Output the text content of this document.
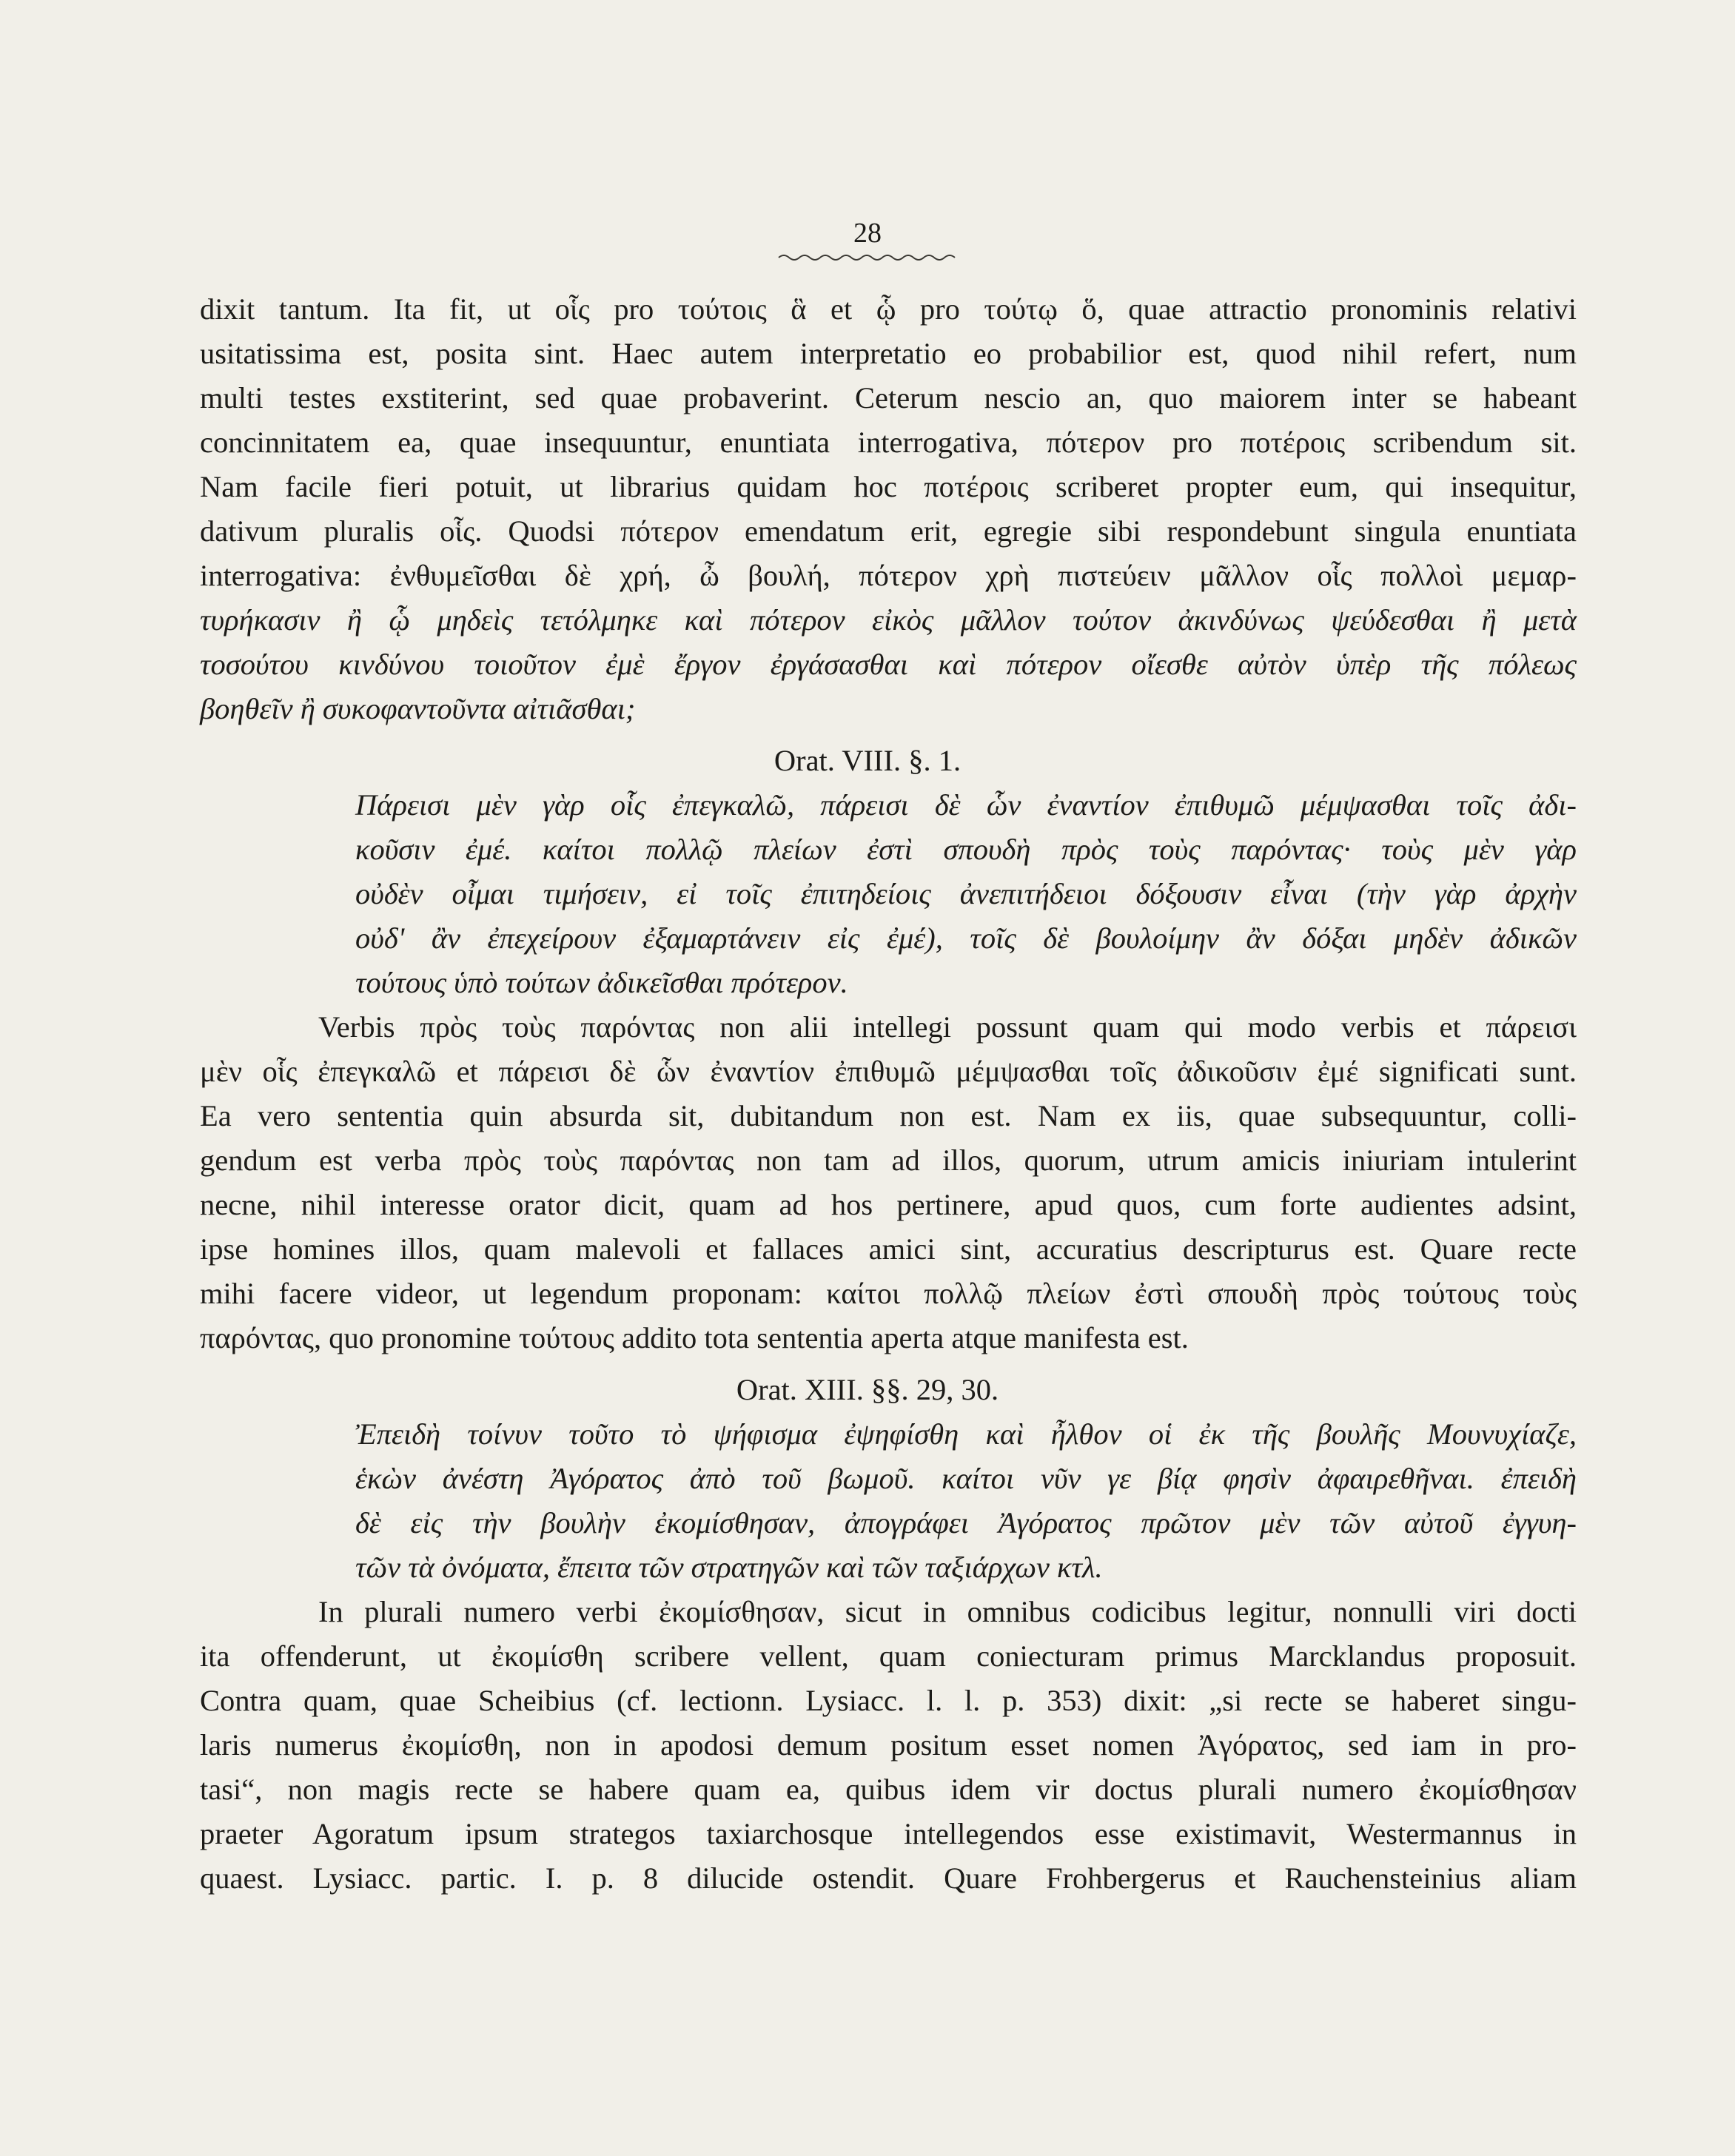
28
dixit tantum. Ita fit, ut οἷς pro τούτοις ἃ et ᾧ pro τούτῳ ὅ, quae attractio pronominis relativi
usitatissima est, posita sint. Haec autem interpretatio eo probabilior est, quod nihil refert, num
multi testes exstiterint, sed quae probaverint. Ceterum nescio an, quo maiorem inter se habeant
concinnitatem ea, quae insequuntur, enuntiata interrogativa, πότερον pro ποτέροις scribendum sit.
Nam facile fieri potuit, ut librarius quidam hoc ποτέροις scriberet propter eum, qui insequitur,
dativum pluralis οἷς. Quodsi πότερον emendatum erit, egregie sibi respondebunt singula enuntiata
interrogativa: ἐνθυμεῖσθαι δὲ χρή, ὦ βουλή, πότερον χρὴ πιστεύειν μᾶλλον οἷς πολλοὶ μεμαρ-
τυρήκασιν ἢ ᾧ μηδεὶς τετόλμηκε καὶ πότερον εἰκὸς μᾶλλον τούτον ἀκινδύνως ψεύδεσθαι ἢ μετὰ
τοσούτου κινδύνου τοιοῦτον ἐμὲ ἔργον ἐργάσασθαι καὶ πότερον οἴεσθε αὐτὸν ὑπὲρ τῆς πόλεως
βοηθεῖν ἢ συκοφαντοῦντα αἰτιᾶσθαι;
Orat. VIII. §. 1.
Πάρεισι μὲν γὰρ οἷς ἐπεγκαλῶ, πάρεισι δὲ ὧν ἐναντίον ἐπιθυμῶ μέμψασθαι τοῖς ἀδι-
κοῦσιν ἐμέ. καίτοι πολλῷ πλείων ἐστὶ σπουδὴ πρὸς τοὺς παρόντας· τοὺς μὲν γὰρ
οὐδὲν οἶμαι τιμήσειν, εἰ τοῖς ἐπιτηδείοις ἀνεπιτήδειοι δόξουσιν εἶναι (τὴν γὰρ ἀρχὴν
οὐδ' ἂν ἐπεχείρουν ἐξαμαρτάνειν εἰς ἐμέ), τοῖς δὲ βουλοίμην ἂν δόξαι μηδὲν ἀδικῶν
τούτους ὑπὸ τούτων ἀδικεῖσθαι πρότερον.
Verbis πρὸς τοὺς παρόντας non alii intellegi possunt quam qui modo verbis et πάρεισι
μὲν οἷς ἐπεγκαλῶ et πάρεισι δὲ ὧν ἐναντίον ἐπιθυμῶ μέμψασθαι τοῖς ἀδικοῦσιν ἐμέ significati sunt.
Ea vero sententia quin absurda sit, dubitandum non est. Nam ex iis, quae subsequuntur, colli-
gendum est verba πρὸς τοὺς παρόντας non tam ad illos, quorum, utrum amicis iniuriam intulerint
necne, nihil interesse orator dicit, quam ad hos pertinere, apud quos, cum forte audientes adsint,
ipse homines illos, quam malevoli et fallaces amici sint, accuratius descripturus est. Quare recte
mihi facere videor, ut legendum proponam: καίτοι πολλῷ πλείων ἐστὶ σπουδὴ πρὸς τούτους τοὺς
παρόντας, quo pronomine τούτους addito tota sententia aperta atque manifesta est.
Orat. XIII. §§. 29, 30.
Ἐπειδὴ τοίνυν τοῦτο τὸ ψήφισμα ἐψηφίσθη καὶ ἦλθον οἱ ἐκ τῆς βουλῆς Μουνυχίαζε,
ἑκὼν ἀνέστη Ἀγόρατος ἀπὸ τοῦ βωμοῦ. καίτοι νῦν γε βίᾳ φησὶν ἀφαιρεθῆναι. ἐπειδὴ
δὲ εἰς τὴν βουλὴν ἐκομίσθησαν, ἀπογράφει Ἀγόρατος πρῶτον μὲν τῶν αὐτοῦ ἐγγυη-
τῶν τὰ ὀνόματα, ἔπειτα τῶν στρατηγῶν καὶ τῶν ταξιάρχων κτλ.
In plurali numero verbi ἐκομίσθησαν, sicut in omnibus codicibus legitur, nonnulli viri docti
ita offenderunt, ut ἐκομίσθη scribere vellent, quam coniecturam primus Marcklandus proposuit.
Contra quam, quae Scheibius (cf. lectionn. Lysiacc. l. l. p. 353) dixit: „si recte se haberet singu-
laris numerus ἐκομίσθη, non in apodosi demum positum esset nomen Ἀγόρατος, sed iam in pro-
tasi“, non magis recte se habere quam ea, quibus idem vir doctus plurali numero ἐκομίσθησαν
praeter Agoratum ipsum strategos taxiarchosque intellegendos esse existimavit, Westermannus in
quaest. Lysiacc. partic. I. p. 8 dilucide ostendit. Quare Frohbergerus et Rauchensteinius aliam
